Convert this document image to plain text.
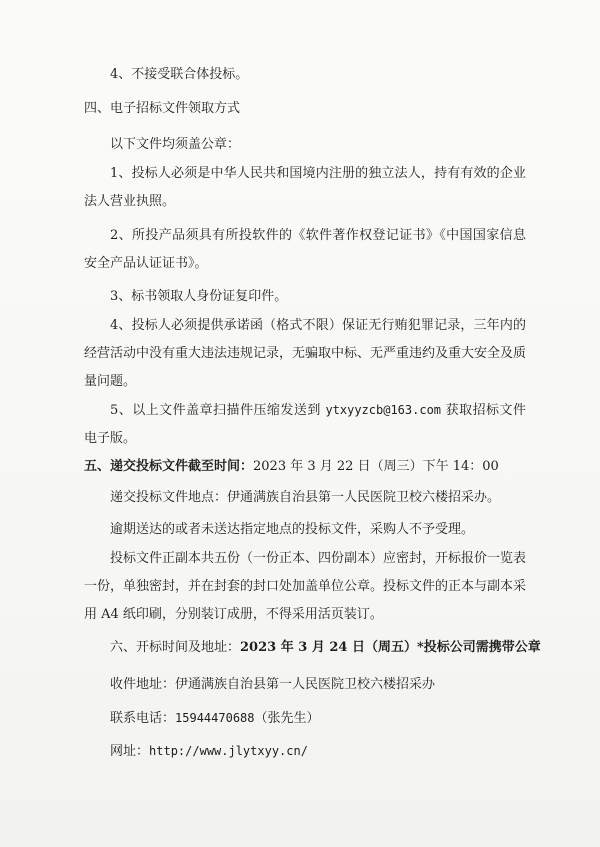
4、不接受联合体投标。
四、电子招标文件领取方式
以下文件均须盖公章：
1、投标人必须是中华人民共和国境内注册的独立法人，持有有效的企业法人营业执照。
2、所投产品须具有所投软件的《软件著作权登记证书》《中国国家信息安全产品认证证书》。
3、标书领取人身份证复印件。
4、投标人必须提供承诺函（格式不限）保证无行贿犯罪记录，三年内的经营活动中没有重大违法违规记录，无骗取中标、无严重违约及重大安全及质量问题。
5、以上文件盖章扫描件压缩发送到 ytxyyzcb@163.com 获取招标文件电子版。
五、递交投标文件截至时间：2023 年 3 月 22 日（周三）下午 14：00
递交投标文件地点：伊通满族自治县第一人民医院卫校六楼招采办。
逾期送达的或者未送达指定地点的投标文件，采购人不予受理。
投标文件正副本共五份（一份正本、四份副本）应密封，开标报价一览表一份，单独密封，并在封套的封口处加盖单位公章。投标文件的正本与副本采用 A4 纸印刷，分别装订成册，不得采用活页装订。
六、开标时间及地址：2023 年 3 月 24 日（周五）*投标公司需携带公章
收件地址：伊通满族自治县第一人民医院卫校六楼招采办
联系电话：15944470688（张先生）
网址：http://www.jlytxyy.cn/
